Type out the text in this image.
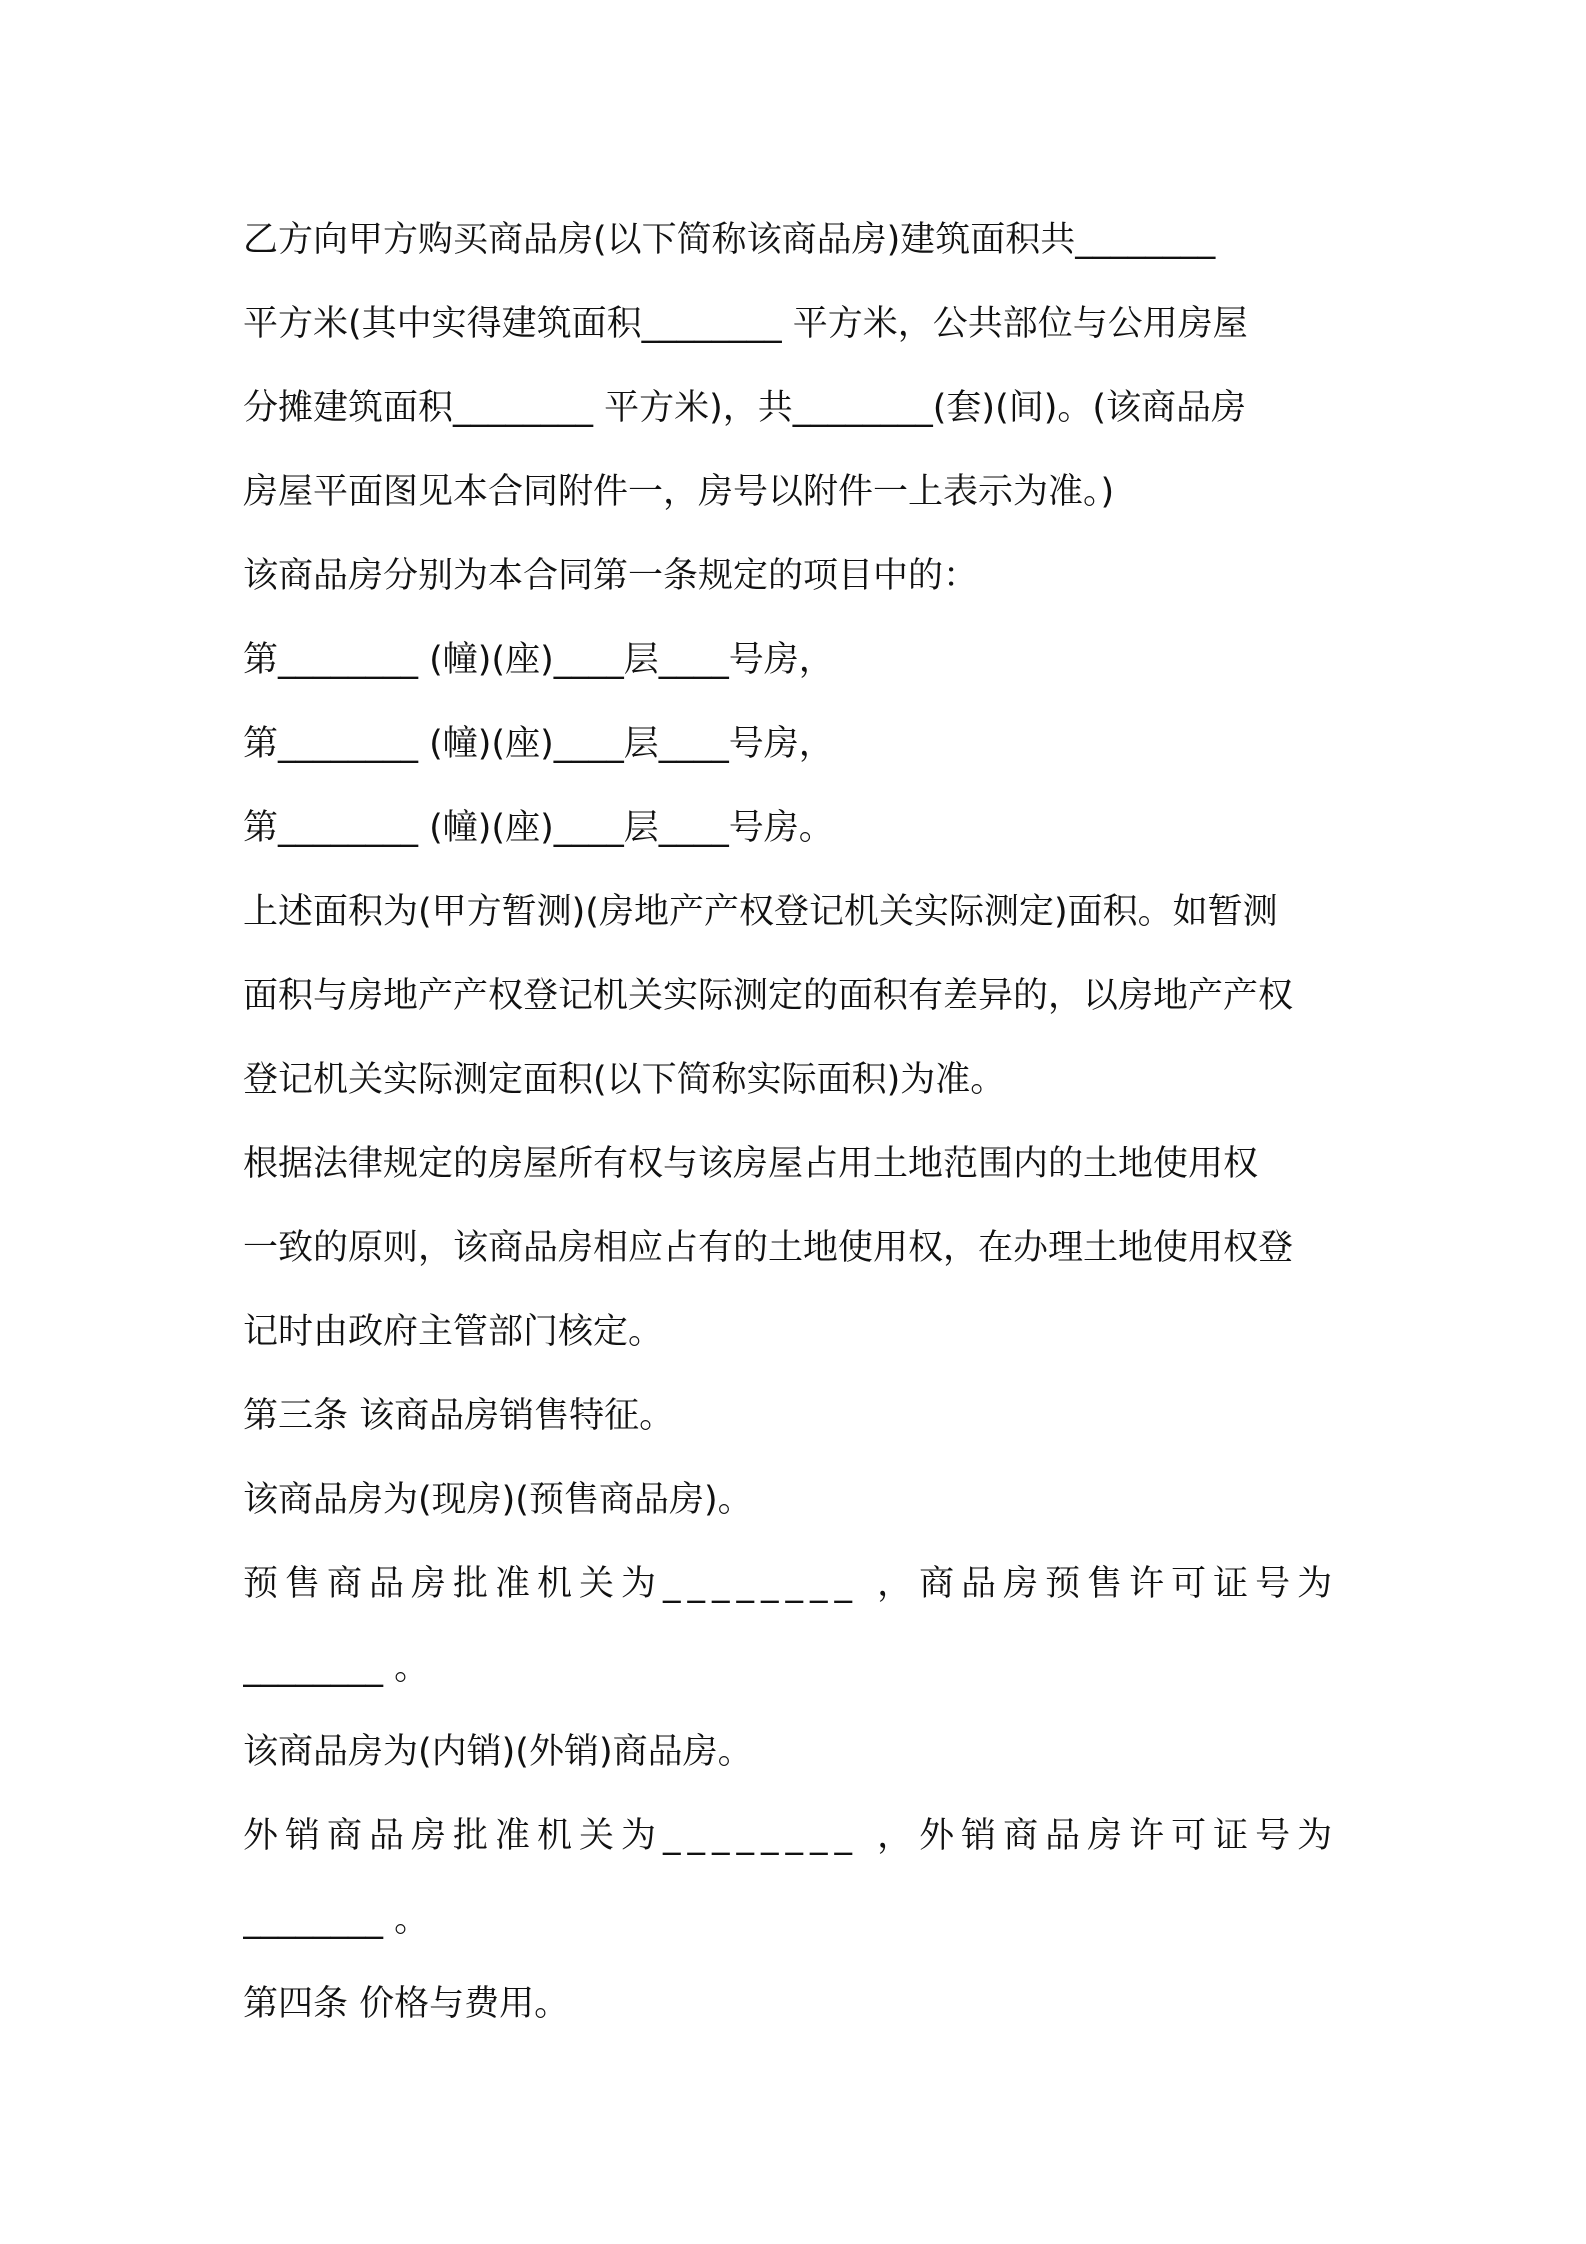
乙方向甲方购买商品房(以下简称该商品房)建筑面积共________
平方米(其中实得建筑面积________ 平方米，公共部位与公用房屋
分摊建筑面积________ 平方米)，共________(套)(间)。(该商品房
房屋平面图见本合同附件一，房号以附件一上表示为准。)
该商品房分别为本合同第一条规定的项目中的：
第________ (幢)(座)____层____号房，
第________ (幢)(座)____层____号房，
第________ (幢)(座)____层____号房。
上述面积为(甲方暂测)(房地产产权登记机关实际测定)面积。如暂测
面积与房地产产权登记机关实际测定的面积有差异的，以房地产产权
登记机关实际测定面积(以下简称实际面积)为准。
根据法律规定的房屋所有权与该房屋占用土地范围内的土地使用权
一致的原则，该商品房相应占有的土地使用权，在办理土地使用权登
记时由政府主管部门核定。
第三条 该商品房销售特征。
该商品房为(现房)(预售商品房)。
预售商品房批准机关为________ ，商品房预售许可证号为
________ 。
该商品房为(内销)(外销)商品房。
外销商品房批准机关为________ ，外销商品房许可证号为
________ 。
第四条 价格与费用。
